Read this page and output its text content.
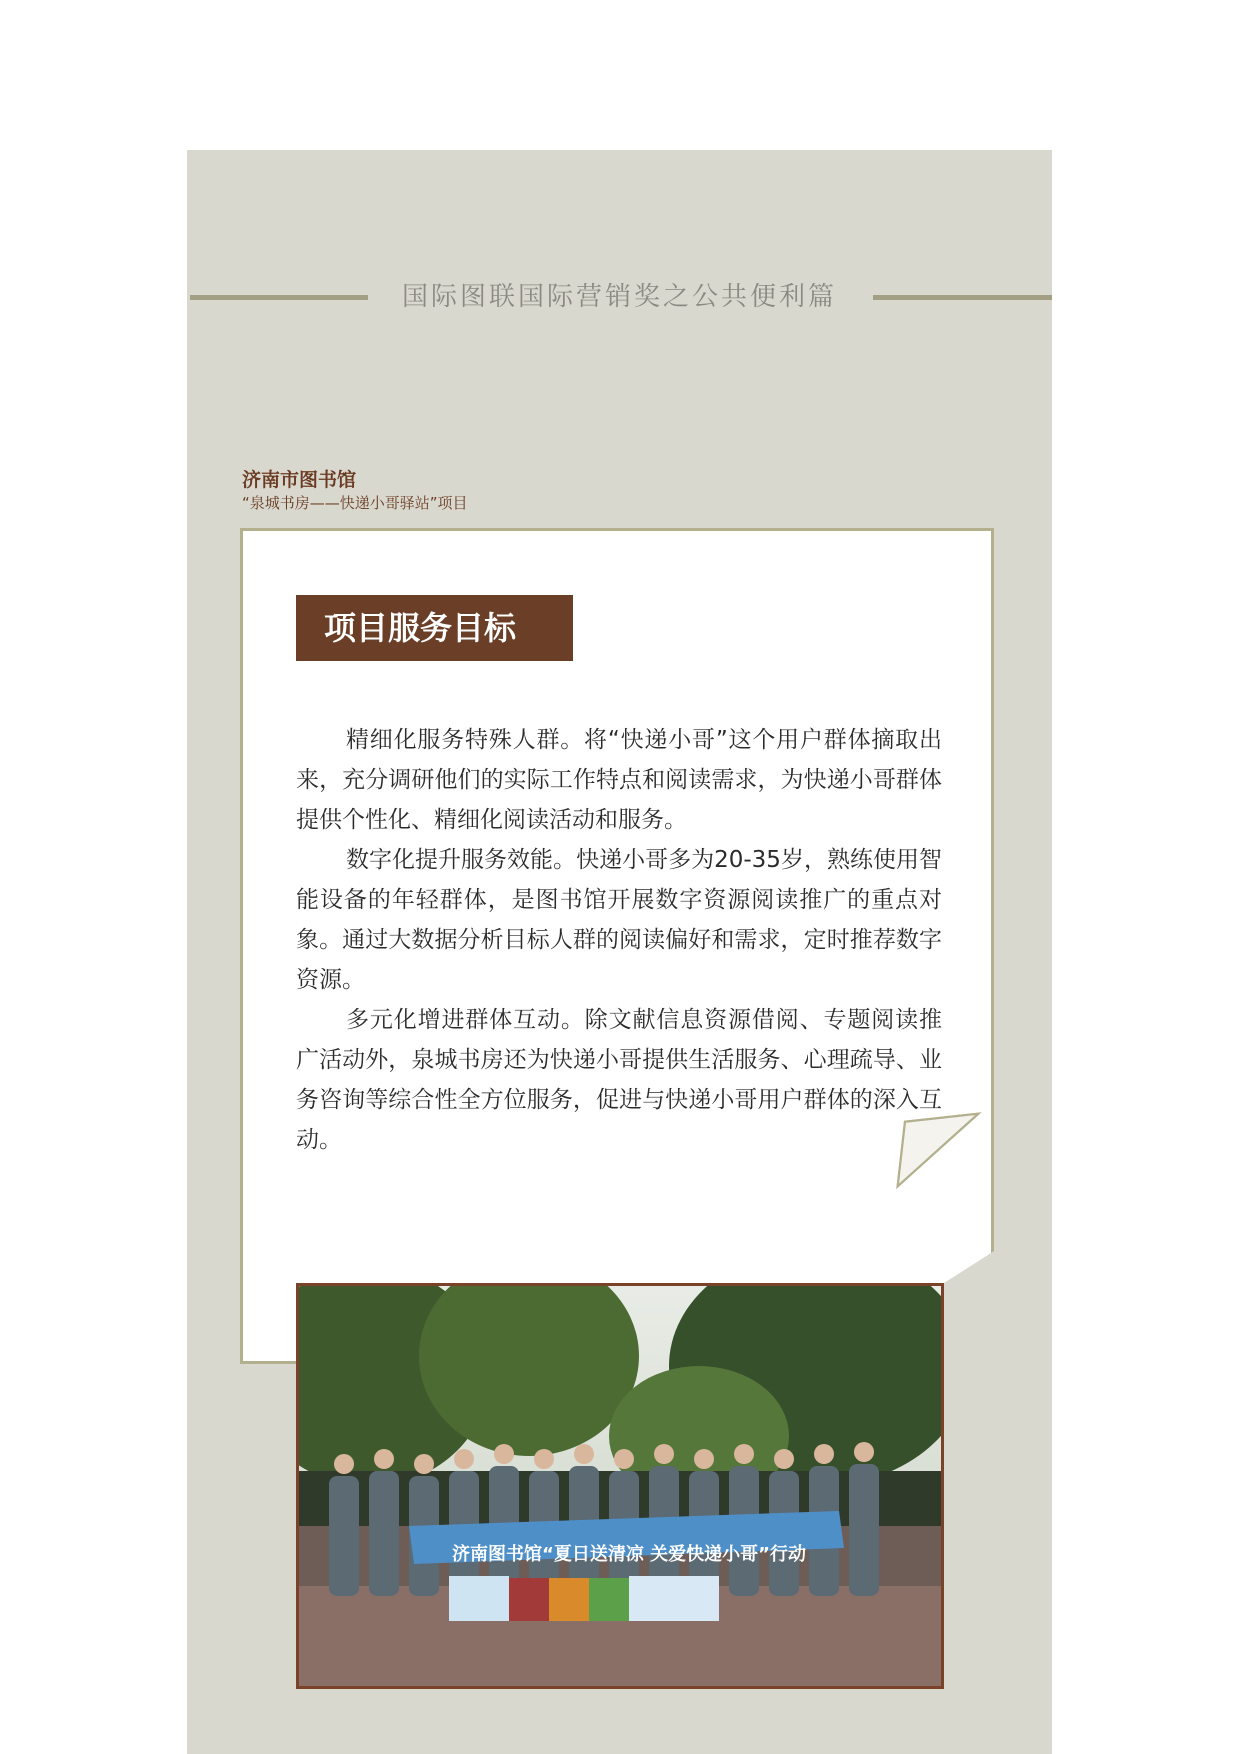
国际图联国际营销奖之公共便利篇
济南市图书馆
“泉城书房——快递小哥驿站”项目
项目服务目标

精细化服务特殊人群。将“快递小哥”这个用户群体摘取出来，充分调研他们的实际工作特点和阅读需求，为快递小哥群体提供个性化、精细化阅读活动和服务。

数字化提升服务效能。快递小哥多为20-35岁，熟练使用智能设备的年轻群体，是图书馆开展数字资源阅读推广的重点对象。通过大数据分析目标人群的阅读偏好和需求，定时推荐数字资源。

多元化增进群体互动。除文献信息资源借阅、专题阅读推广活动外，泉城书房还为快递小哥提供生活服务、心理疏导、业务咨询等综合性全方位服务，促进与快递小哥用户群体的深入互动。

济南图书馆“夏日送清凉 关爱快递小哥”行动
